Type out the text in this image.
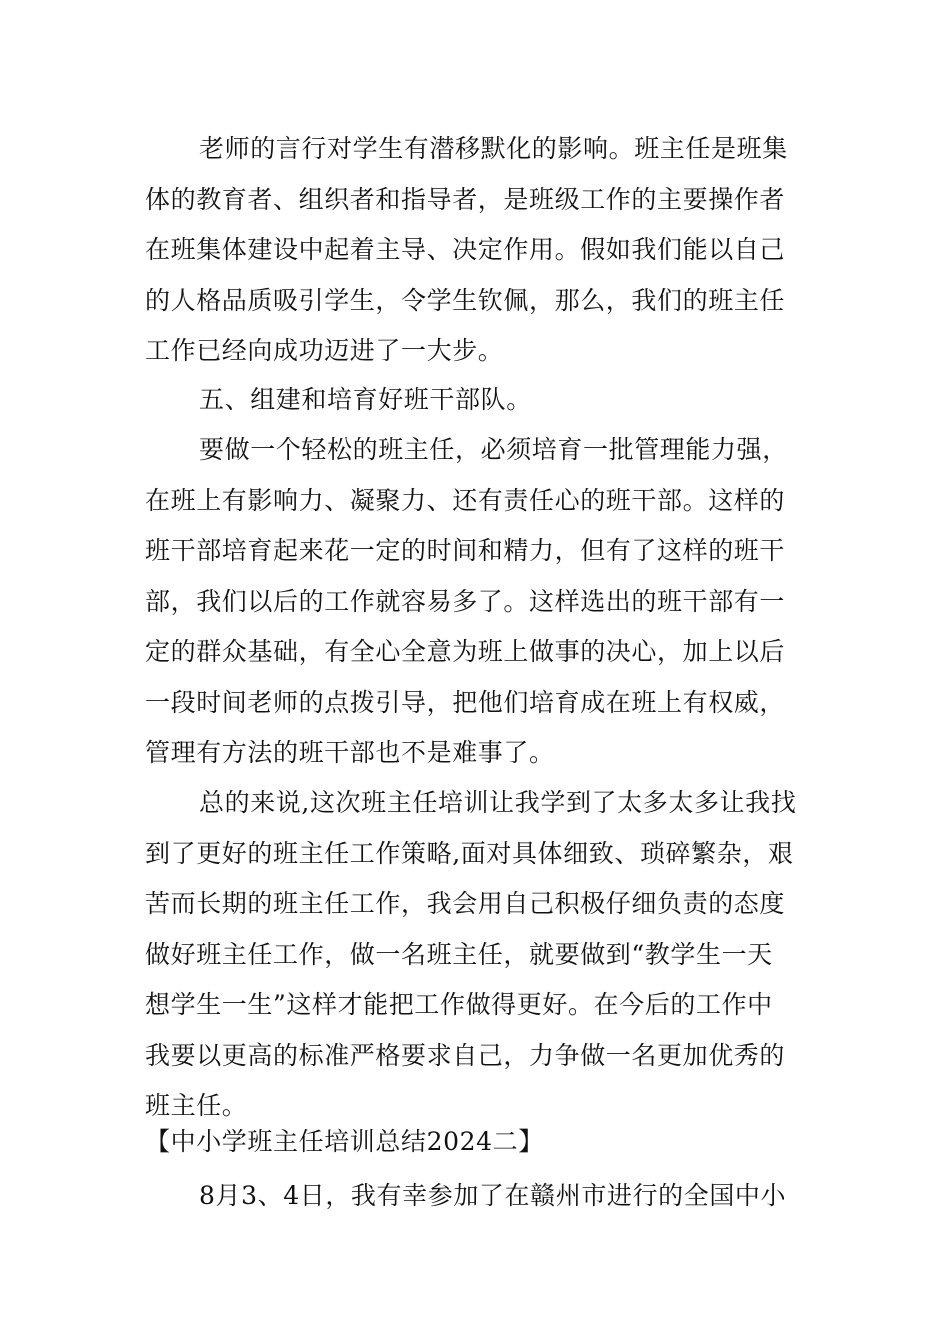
老师的言行对学生有潜移默化的影响。班主任是班集
体的教育者、组织者和指导者，是班级工作的主要操作者
在班集体建设中起着主导、决定作用。假如我们能以自己
的人格品质吸引学生，令学生钦佩，那么，我们的班主任
工作已经向成功迈进了一大步。
五、组建和培育好班干部队。
要做一个轻松的班主任，必须培育一批管理能力强，
在班上有影响力、凝聚力、还有责任心的班干部。这样的
班干部培育起来花一定的时间和精力，但有了这样的班干
部，我们以后的工作就容易多了。这样选出的班干部有一
定的群众基础，有全心全意为班上做事的决心，加上以后
一段时间老师的点拨引导，把他们培育成在班上有权威，
管理有方法的班干部也不是难事了。
总的来说,这次班主任培训让我学到了太多太多让我找
到了更好的班主任工作策略,面对具体细致、琐碎繁杂，艰
苦而长期的班主任工作，我会用自己积极仔细负责的态度
做好班主任工作，做一名班主任，就要做到“教学生一天
想学生一生”这样才能把工作做得更好。在今后的工作中
我要以更高的标准严格要求自己，力争做一名更加优秀的
班主任。
【中小学班主任培训总结2024二】
8月3、4日，我有幸参加了在赣州市进行的全国中小
